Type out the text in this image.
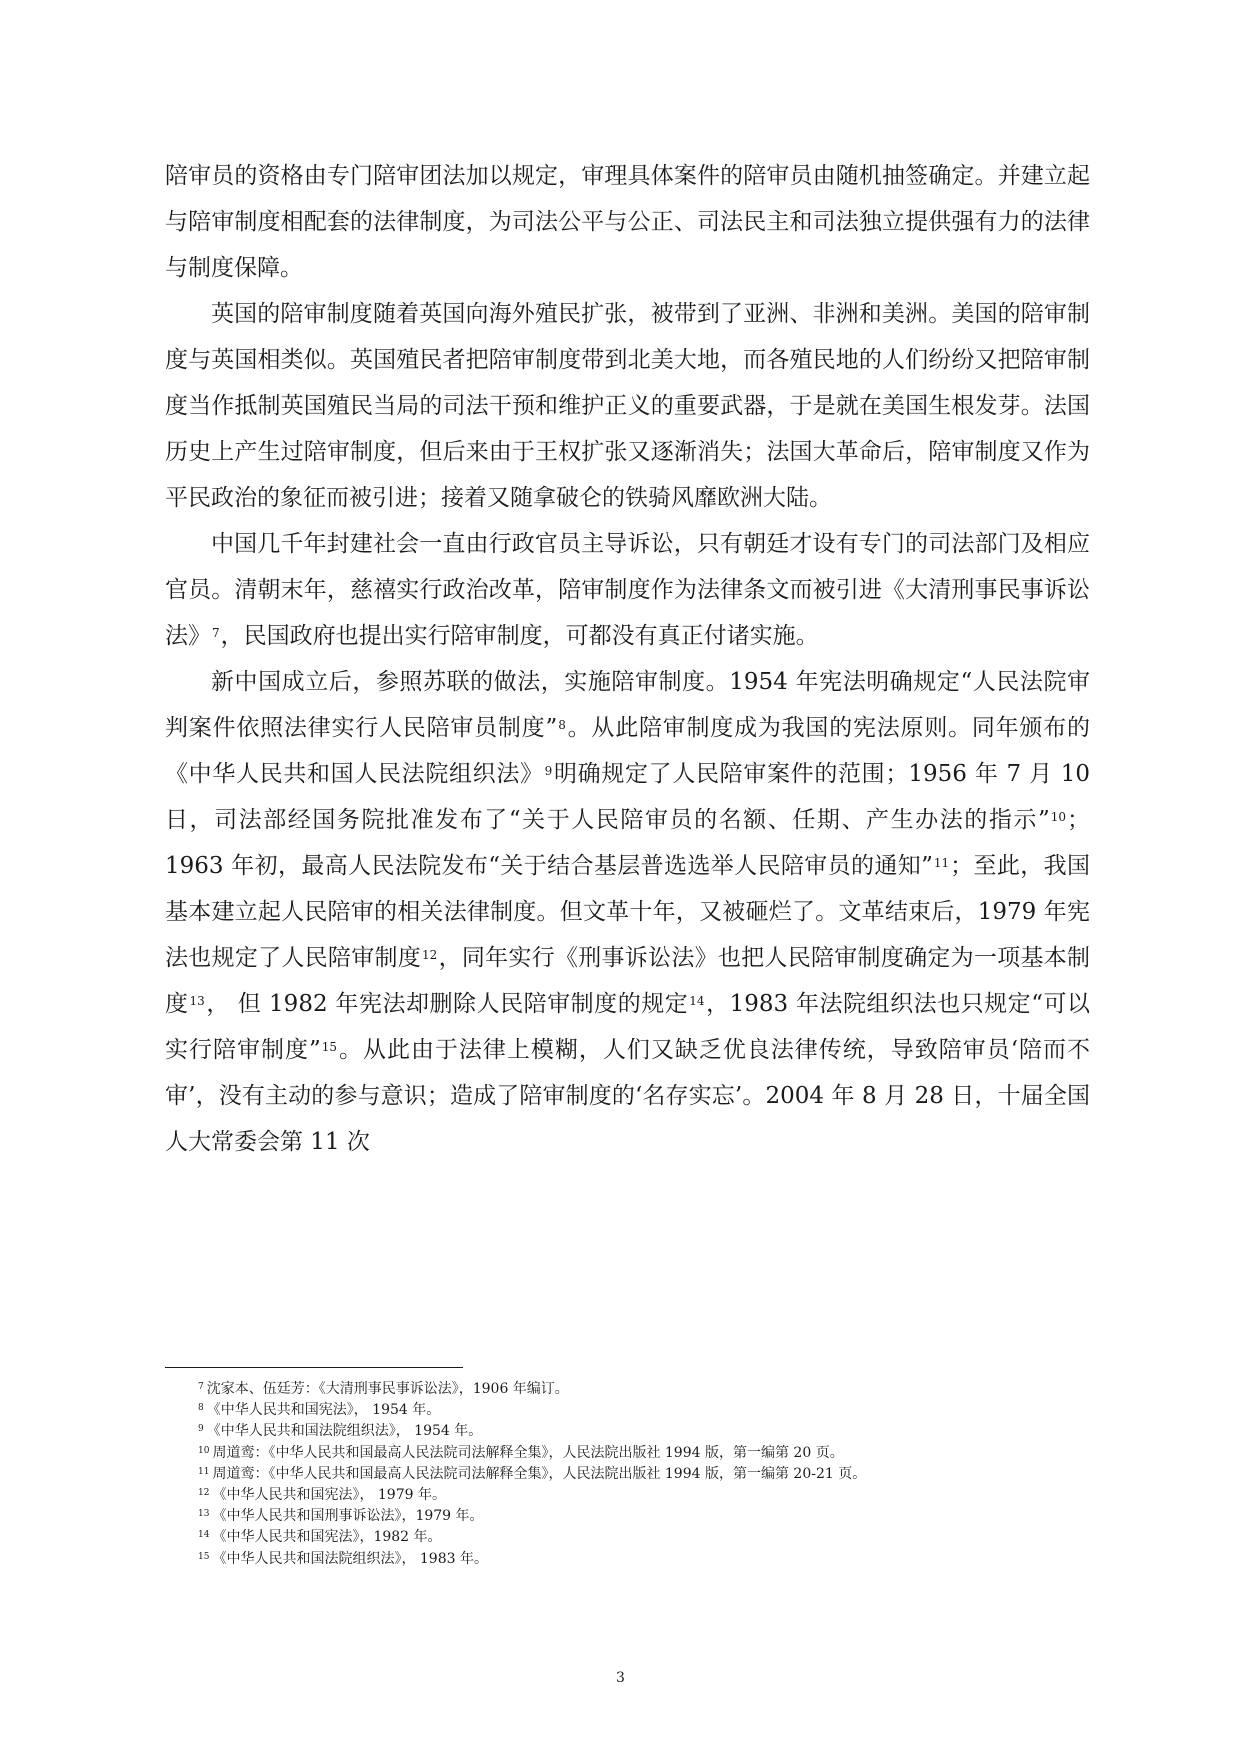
陪审员的资格由专门陪审团法加以规定，审理具体案件的陪审员由随机抽签确定。并建立起与陪审制度相配套的法律制度，为司法公平与公正、司法民主和司法独立提供强有力的法律与制度保障。

英国的陪审制度随着英国向海外殖民扩张，被带到了亚洲、非洲和美洲。美国的陪审制度与英国相类似。英国殖民者把陪审制度带到北美大地，而各殖民地的人们纷纷又把陪审制度当作抵制英国殖民当局的司法干预和维护正义的重要武器，于是就在美国生根发芽。法国历史上产生过陪审制度，但后来由于王权扩张又逐渐消失；法国大革命后，陪审制度又作为平民政治的象征而被引进；接着又随拿破仑的铁骑风靡欧洲大陆。

中国几千年封建社会一直由行政官员主导诉讼，只有朝廷才设有专门的司法部门及相应官员。清朝末年，慈禧实行政治改革，陪审制度作为法律条文而被引进《大清刑事民事诉讼法》$^7$，民国政府也提出实行陪审制度，可都没有真正付诸实施。

新中国成立后，参照苏联的做法，实施陪审制度。1954 年宪法明确规定“人民法院审判案件依照法律实行人民陪审员制度”$^8$。从此陪审制度成为我国的宪法原则。同年颁布的《中华人民共和国人民法院组织法》$^9$明确规定了人民陪审案件的范围；1956 年 7 月 10 日，司法部经国务院批准发布了“关于人民陪审员的名额、任期、产生办法的指示”$^{10}$；1963 年初，最高人民法院发布“关于结合基层普选选举人民陪审员的通知”$^{11}$；至此，我国基本建立起人民陪审的相关法律制度。但文革十年，又被砸烂了。文革结束后，1979 年宪法也规定了人民陪审制度$^{12}$，同年实行《刑事诉讼法》也把人民陪审制度确定为一项基本制度$^{13}$， 但 1982 年宪法却删除人民陪审制度的规定$^{14}$，1983 年法院组织法也只规定“可以实行陪审制度”$^{15}$。从此由于法律上模糊，人们又缺乏优良法律传统，导致陪审员‘陪而不审’，没有主动的参与意识；造成了陪审制度的‘名存实忘’。2004 年 8 月 28 日，十届全国人大常委会第 11 次

$^7$ 沈家本、伍廷芳：《大清刑事民事诉讼法》，1906 年编订。

$^8$ 《中华人民共和国宪法》， 1954 年。

$^9$ 《中华人民共和国法院组织法》， 1954 年。

$^{10}$ 周道鸾：《中华人民共和国最高人民法院司法解释全集》，人民法院出版社 1994 版，第一编第 20 页。

$^{11}$ 周道鸾：《中华人民共和国最高人民法院司法解释全集》，人民法院出版社 1994 版，第一编第 20-21 页。

$^{12}$ 《中华人民共和国宪法》， 1979 年。

$^{13}$ 《中华人民共和国刑事诉讼法》，1979 年。

$^{14}$ 《中华人民共和国宪法》，1982 年。

$^{15}$ 《中华人民共和国法院组织法》， 1983 年。

3
